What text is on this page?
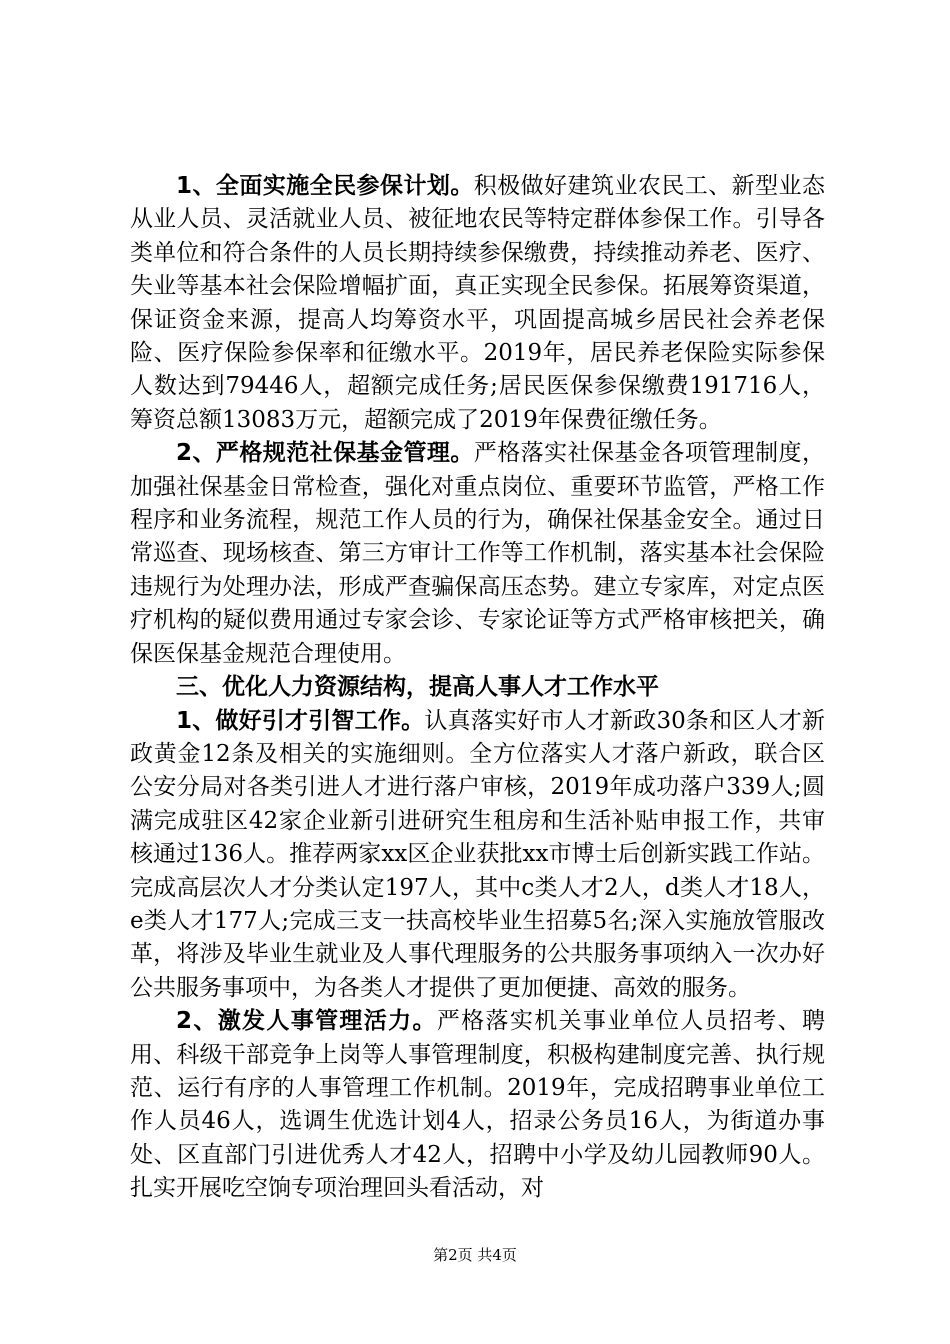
1、全面实施全民参保计划。积极做好建筑业农民工、新型业态从业人员、灵活就业人员、被征地农民等特定群体参保工作。引导各类单位和符合条件的人员长期持续参保缴费，持续推动养老、医疗、失业等基本社会保险增幅扩面，真正实现全民参保。拓展筹资渠道，保证资金来源，提高人均筹资水平，巩固提高城乡居民社会养老保险、医疗保险参保率和征缴水平。2019年，居民养老保险实际参保人数达到79446人，超额完成任务;居民医保参保缴费191716人，筹资总额13083万元，超额完成了2019年保费征缴任务。

2、严格规范社保基金管理。严格落实社保基金各项管理制度，加强社保基金日常检查，强化对重点岗位、重要环节监管，严格工作程序和业务流程，规范工作人员的行为，确保社保基金安全。通过日常巡查、现场核查、第三方审计工作等工作机制，落实基本社会保险违规行为处理办法，形成严查骗保高压态势。建立专家库，对定点医疗机构的疑似费用通过专家会诊、专家论证等方式严格审核把关，确保医保基金规范合理使用。

三、优化人力资源结构，提高人事人才工作水平

1、做好引才引智工作。认真落实好市人才新政30条和区人才新政黄金12条及相关的实施细则。全方位落实人才落户新政，联合区公安分局对各类引进人才进行落户审核，2019年成功落户339人;圆满完成驻区42家企业新引进研究生租房和生活补贴申报工作，共审核通过136人。推荐两家xx区企业获批xx市博士后创新实践工作站。完成高层次人才分类认定197人，其中c类人才2人，d类人才18人，e类人才177人;完成三支一扶高校毕业生招募5名;深入实施放管服改革，将涉及毕业生就业及人事代理服务的公共服务事项纳入一次办好公共服务事项中，为各类人才提供了更加便捷、高效的服务。

2、激发人事管理活力。严格落实机关事业单位人员招考、聘用、科级干部竞争上岗等人事管理制度，积极构建制度完善、执行规范、运行有序的人事管理工作机制。2019年，完成招聘事业单位工作人员46人，选调生优选计划4人，招录公务员16人，为街道办事处、区直部门引进优秀人才42人，招聘中小学及幼儿园教师90人。扎实开展吃空饷专项治理回头看活动，对

第2页 共4页
